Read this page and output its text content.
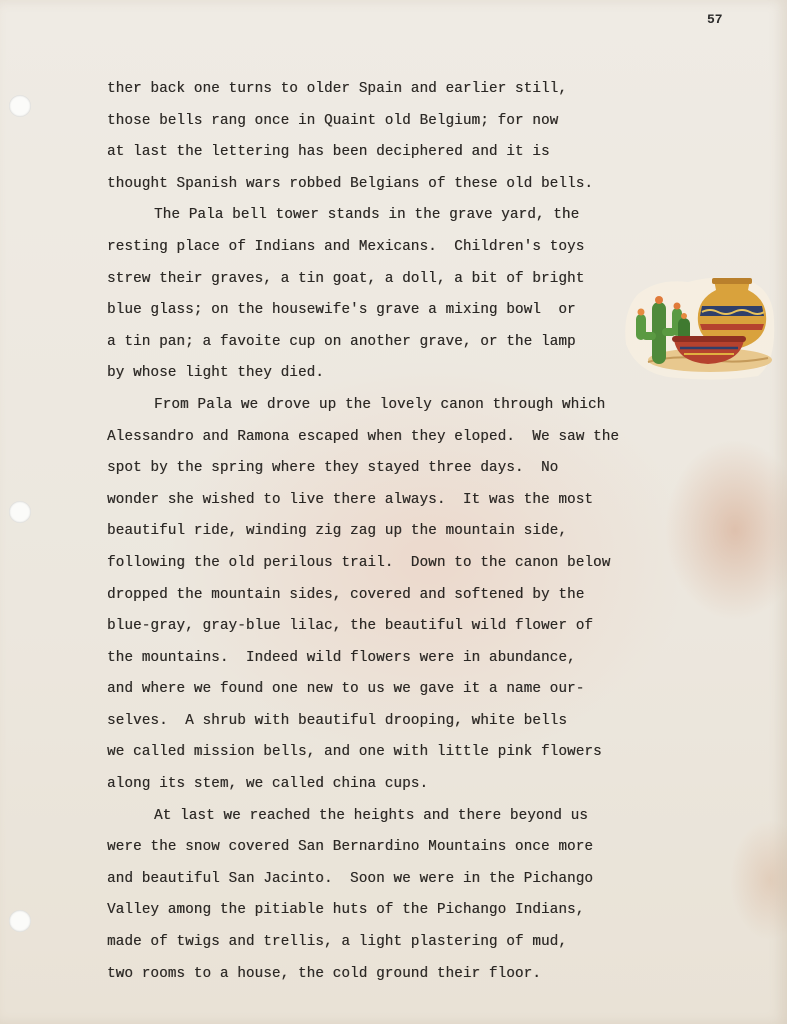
57
ther back one turns to older Spain and earlier still,
those bells rang once in Quaint old Belgium; for now
at last the lettering has been deciphered and it is
thought Spanish wars robbed Belgians of these old bells.
The Pala bell tower stands in the grave yard, the
resting place of Indians and Mexicans.  Children's toys
strew their graves, a tin goat, a doll, a bit of bright
blue glass; on the housewife's grave a mixing bowl  or
a tin pan; a favoite cup on another grave, or the lamp
by whose light they died.
From Pala we drove up the lovely canon through which
Alessandro and Ramona escaped when they eloped.  We saw the
spot by the spring where they stayed three days.  No
wonder she wished to live there always.  It was the most
beautiful ride, winding zig zag up the mountain side,
following the old perilous trail.  Down to the canon below
dropped the mountain sides, covered and softened by the
blue-gray, gray-blue lilac, the beautiful wild flower of
the mountains.  Indeed wild flowers were in abundance,
and where we found one new to us we gave it a name our-
selves.  A shrub with beautiful drooping, white bells
we called mission bells, and one with little pink flowers
along its stem, we called china cups.
At last we reached the heights and there beyond us
were the snow covered San Bernardino Mountains once more
and beautiful San Jacinto.  Soon we were in the Pichango
Valley among the pitiable huts of the Pichango Indians,
made of twigs and trellis, a light plastering of mud,
two rooms to a house, the cold ground their floor.
